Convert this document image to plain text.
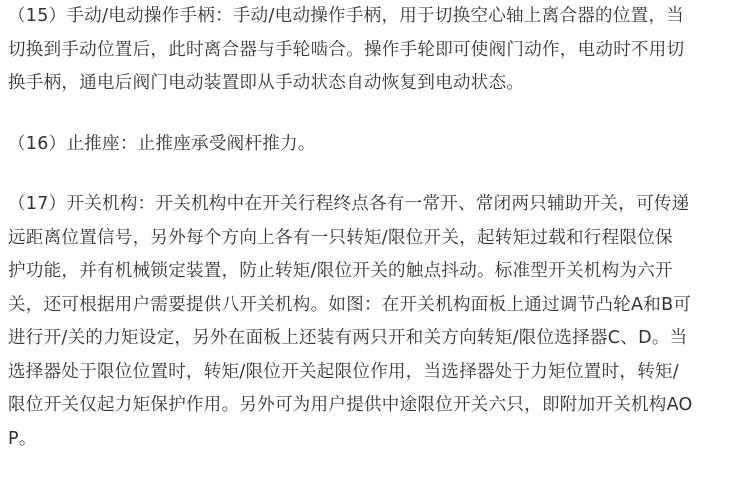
（15）手动/电动操作手柄：手动/电动操作手柄，用于切换空心轴上离合器的位置，当
切换到手动位置后，此时离合器与手轮啮合。操作手轮即可使阀门动作，电动时不用切
换手柄，通电后阀门电动装置即从手动状态自动恢复到电动状态。
（16）止推座：止推座承受阀杆推力。
（17）开关机构：开关机构中在开关行程终点各有一常开、常闭两只辅助开关，可传递
远距离位置信号，另外每个方向上各有一只转矩/限位开关，起转矩过载和行程限位保
护功能，并有机械锁定装置，防止转矩/限位开关的触点抖动。标准型开关机构为六开
关，还可根据用户需要提供八开关机构。如图：在开关机构面板上通过调节凸轮A和B可
进行开/关的力矩设定，另外在面板上还装有两只开和关方向转矩/限位选择器C、D。当
选择器处于限位位置时，转矩/限位开关起限位作用，当选择器处于力矩位置时，转矩/
限位开关仅起力矩保护作用。另外可为用户提供中途限位开关六只，即附加开关机构AO
P。
